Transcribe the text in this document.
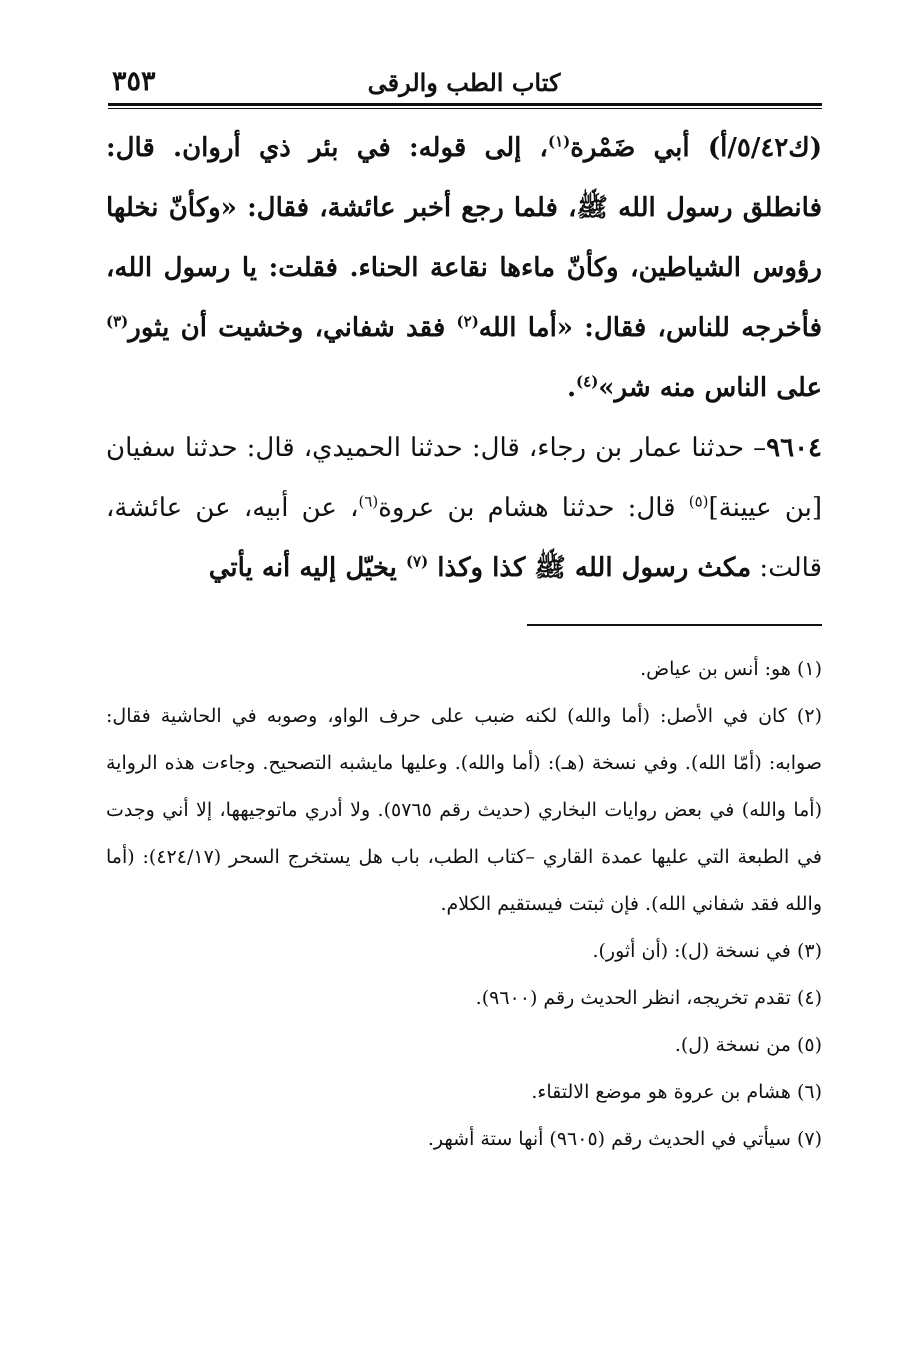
كتاب الطب والرقى
٣٥٣

(ك٥/٤٢/أ) أبي ضَمْرة$^{(١)}$، إلى قوله: في بئر ذي أروان. قال: فانطلق رسول الله ﷺ، فلما رجع أخبر عائشة، فقال: «وكأنّ نخلها رؤوس الشياطين، وكأنّ ماءها نقاعة الحناء. فقلت: يا رسول الله، فأخرجه للناس، فقال: «أما الله$^{(٢)}$ فقد شفاني، وخشيت أن يثور$^{(٣)}$ على الناس منه شر»$^{(٤)}$.

٩٦٠٤– حدثنا عمار بن رجاء، قال: حدثنا الحميدي، قال: حدثنا سفيان [بن عيينة]$^{(٥)}$ قال: حدثنا هشام بن عروة$^{(٦)}$، عن أبيه، عن عائشة، قالت: مكث رسول الله ﷺ كذا وكذا $^{(٧)}$ يخيّل إليه أنه يأتي

(١) هو: أنس بن عياض.

(٢) كان في الأصل: (أما والله) لكنه ضبب على حرف الواو، وصوبه في الحاشية فقال: صوابه: (أمّا الله). وفي نسخة (هـ): (أما والله). وعليها مايشبه التصحيح. وجاءت هذه الرواية (أما والله) في بعض روايات البخاري (حديث رقم ٥٧٦٥). ولا أدري ماتوجيهها، إلا أني وجدت في الطبعة التي عليها عمدة القاري –كتاب الطب، باب هل يستخرج السحر (٤٢٤/١٧): (أما والله فقد شفاني الله). فإن ثبتت فيستقيم الكلام.

(٣) في نسخة (ل): (أن أثور).

(٤) تقدم تخريجه، انظر الحديث رقم (٩٦٠٠).

(٥) من نسخة (ل).

(٦) هشام بن عروة هو موضع الالتقاء.

(٧) سيأتي في الحديث رقم (٩٦٠٥) أنها ستة أشهر.
